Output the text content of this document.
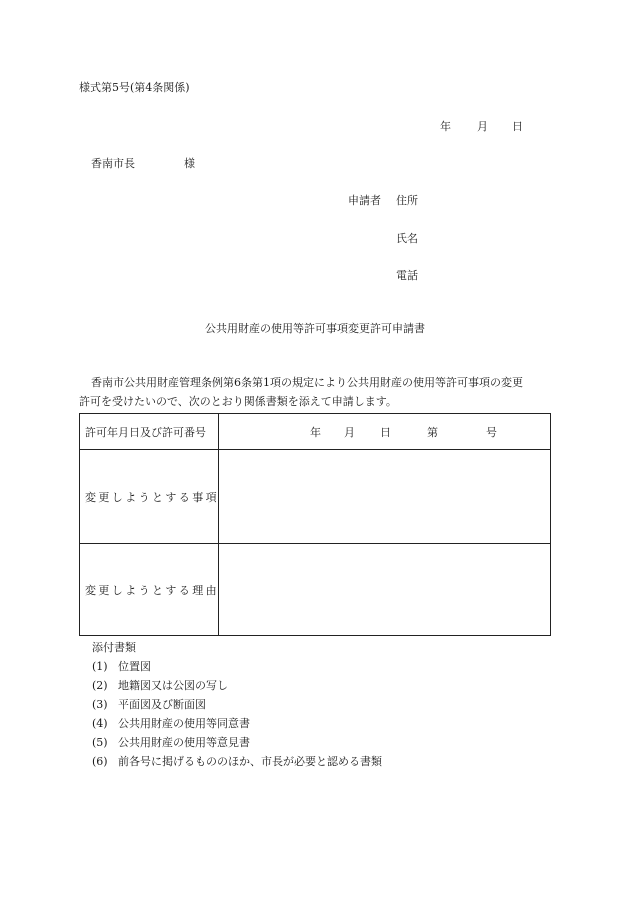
様式第5号(第4条関係)
年 月 日
香南市長	様
申請者 住所
氏名
電話
公共用財産の使用等許可事項変更許可申請書
香南市公共用財産管理条例第6条第1項の規定により公共用財産の使用等許可事項の変更
許可を受けたいので、次のとおり関係書類を添えて申請します。
許可年月日及び許可番号	年 月 日	第	号
変更しようとする事項
変更しようとする理由
添付書類
(1) 位置図
(2) 地籍図又は公図の写し
(3) 平面図及び断面図
(4) 公共用財産の使用等同意書
(5) 公共用財産の使用等意見書
(6) 前各号に掲げるもののほか、市長が必要と認める書類
